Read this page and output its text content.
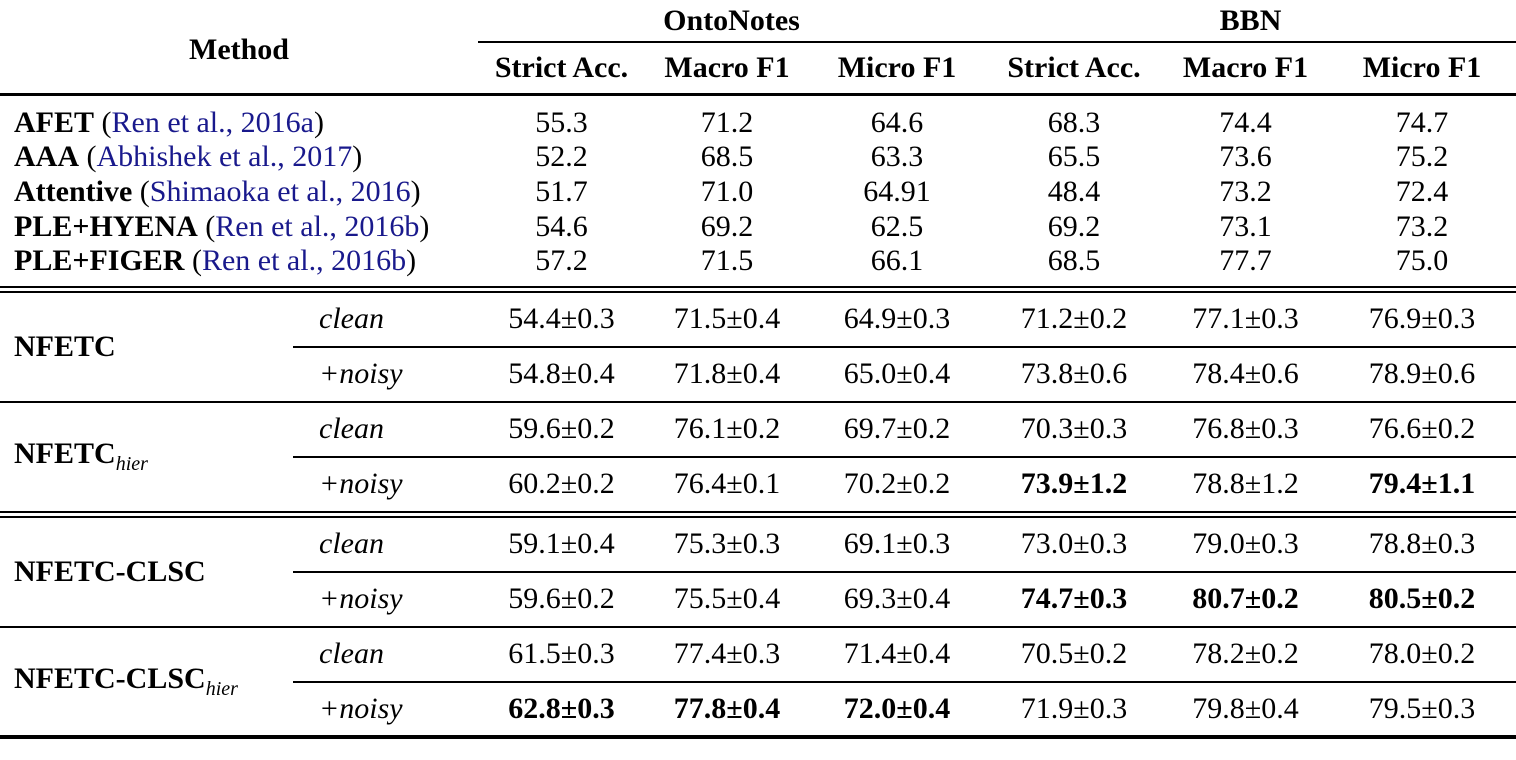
Method		OntoNotes			BBN		
		Strict Acc.	Macro F1	Micro F1	Strict Acc.	Macro F1	Micro F1
AFET (Ren et al., 2016a)		55.3	71.2	64.6	68.3	74.4	74.7
AAA (Abhishek et al., 2017)		52.2	68.5	63.3	65.5	73.6	75.2
Attentive (Shimaoka et al., 2016)		51.7	71.0	64.91	48.4	73.2	72.4
PLE+HYENA (Ren et al., 2016b)		54.6	69.2	62.5	69.2	73.1	73.2
PLE+FIGER (Ren et al., 2016b)		57.2	71.5	66.1	68.5	77.7	75.0

NFETC	clean	54.4±0.3	71.5±0.4	64.9±0.3	71.2±0.2	77.1±0.3	76.9±0.3
	+noisy	54.8±0.4	71.8±0.4	65.0±0.4	73.8±0.6	78.4±0.6	78.9±0.6
$NFETC_{hier}$	clean	59.6±0.2	76.1±0.2	69.7±0.2	70.3±0.3	76.8±0.3	76.6±0.2
	+noisy	60.2±0.2	76.4±0.1	70.2±0.2	73.9±1.2	78.8±1.2	79.4±1.1

NFETC-CLSC	clean	59.1±0.4	75.3±0.3	69.1±0.3	73.0±0.3	79.0±0.3	78.8±0.3
	+noisy	59.6±0.2	75.5±0.4	69.3±0.4	74.7±0.3	80.7±0.2	80.5±0.2
NFETC-$CLSC_{hier}$	clean	61.5±0.3	77.4±0.3	71.4±0.4	70.5±0.2	78.2±0.2	78.0±0.2
	+noisy	62.8±0.3	77.8±0.4	72.0±0.4	71.9±0.3	79.8±0.4	79.5±0.3
